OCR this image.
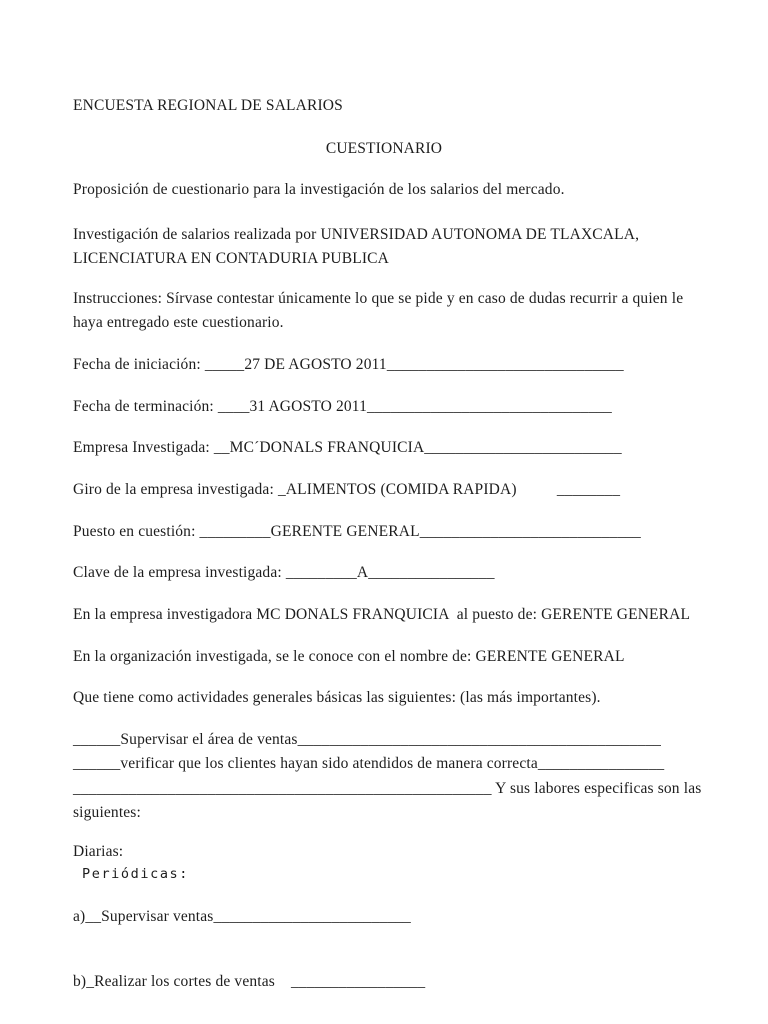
ENCUESTA REGIONAL DE SALARIOS
CUESTIONARIO
Proposición de cuestionario para la investigación de los salarios del mercado.
Investigación de salarios realizada por UNIVERSIDAD AUTONOMA DE TLAXCALA,
LICENCIATURA EN CONTADURIA PUBLICA
Instrucciones: Sírvase contestar únicamente lo que se pide y en caso de dudas recurrir a quien le
haya entregado este cuestionario.
Fecha de iniciación: _____27 DE AGOSTO 2011______________________________
Fecha de terminación: ____31 AGOSTO 2011_______________________________
Empresa Investigada: __MC´DONALS FRANQUICIA_________________________
Giro de la empresa investigada: _ALIMENTOS (COMIDA RAPIDA)          ________
Puesto en cuestión: _________GERENTE GENERAL____________________________
Clave de la empresa investigada: _________A________________
En la empresa investigadora MC DONALS FRANQUICIA  al puesto de: GERENTE GENERAL
En la organización investigada, se le conoce con el nombre de: GERENTE GENERAL
Que tiene como actividades generales básicas las siguientes: (las más importantes).
______Supervisar el área de ventas______________________________________________
______verificar que los clientes hayan sido atendidos de manera correcta________________
_____________________________________________________ Y sus labores especificas son las
siguientes:
Diarias:
Periódicas:
a)__Supervisar ventas_________________________
b)_Realizar los cortes de ventas    _________________
